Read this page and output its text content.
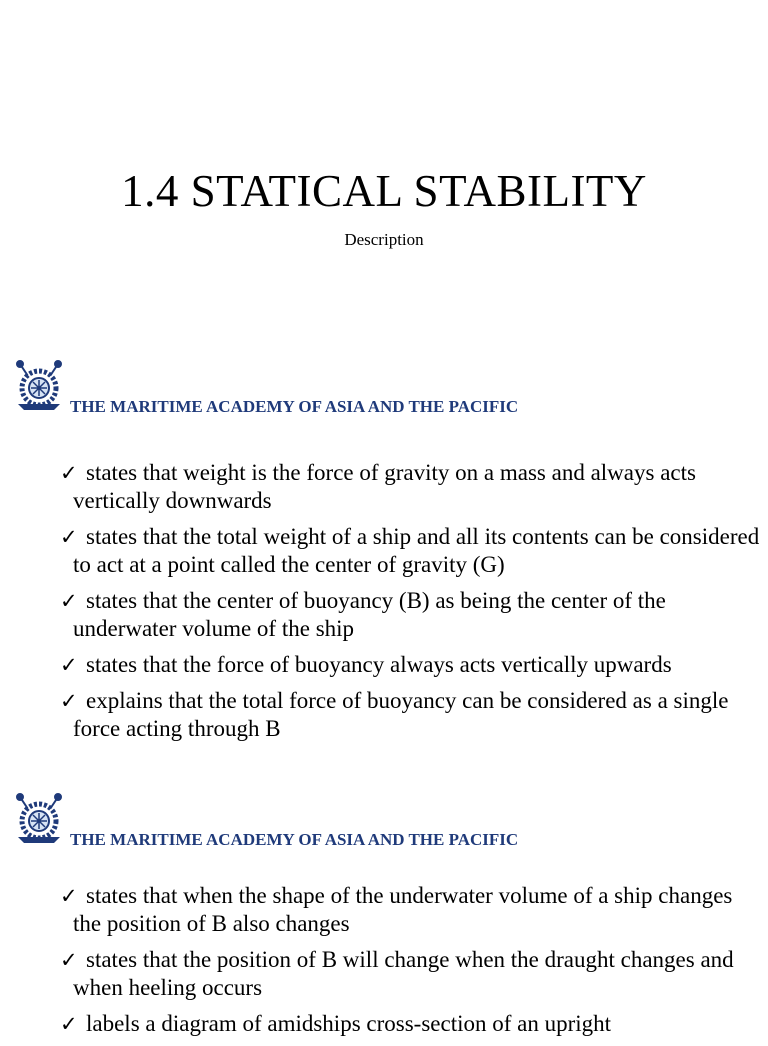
1.4 STATICAL STABILITY
Description
THE MARITIME ACADEMY OF ASIA AND THE PACIFIC
✓ states that weight is the force of gravity on a mass and always acts vertically downwards
✓ states that the total weight of a ship and all its contents can be considered to act at a point called the center of gravity (G)
✓ states that the center of buoyancy (B) as being the center of the underwater volume of the ship
✓ states that the force of buoyancy always acts vertically upwards
✓ explains that the total force of buoyancy can be considered as a single force acting through B
THE MARITIME ACADEMY OF ASIA AND THE PACIFIC
✓ states that when the shape of the underwater volume of a ship changes the position of B also changes
✓ states that the position of B will change when the draught changes and when heeling occurs
✓ labels a diagram of amidships cross-section of an upright
